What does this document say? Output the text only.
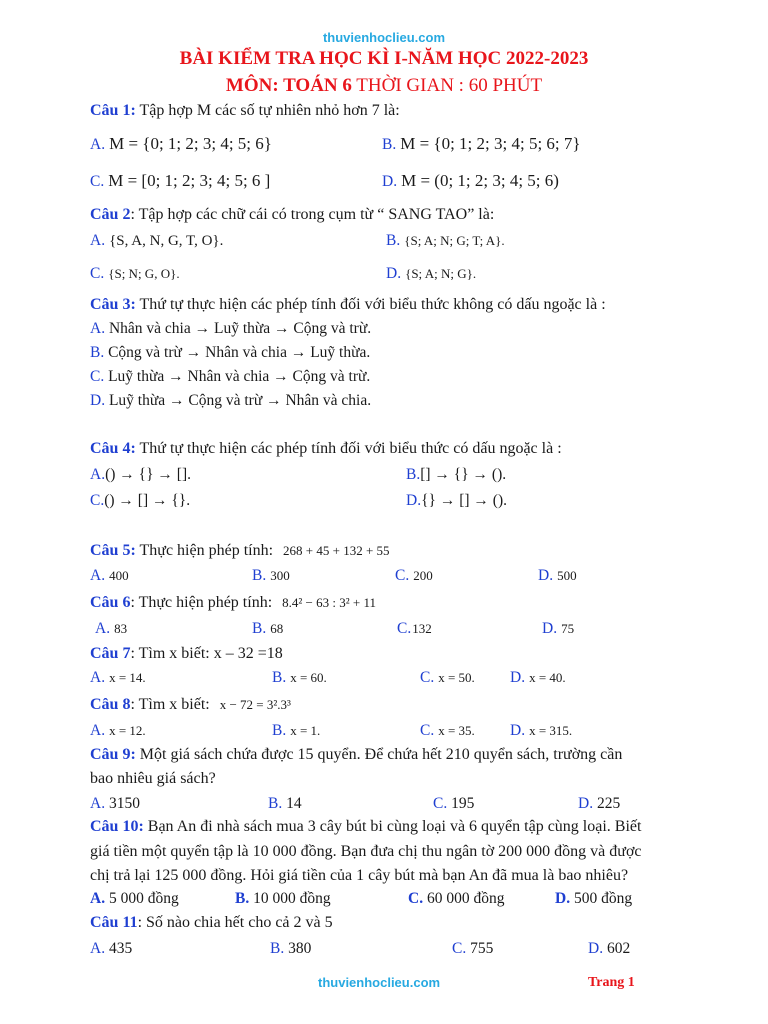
thuvienhoclieu.com
BÀI KIỂM TRA HỌC KÌ I-NĂM HỌC 2022-2023
MÔN: TOÁN 6 THỜI GIAN : 60 PHÚT
Câu 1: Tập hợp M các số tự nhiên nhỏ hơn 7 là:
A. M = {0; 1; 2; 3; 4; 5; 6}	B. M = {0; 1; 2; 3; 4; 5; 6; 7}
C. M = [0; 1; 2; 3; 4; 5; 6 ]	D. M = (0; 1; 2; 3; 4; 5; 6)
Câu 2: Tập hợp các chữ cái có trong cụm từ “ SANG TAO” là:
A. {S, A, N, G, T, O}.	B. {S; A; N; G; T; A}.
C. {S; N; G, O}.	D. {S; A; N; G}.
Câu 3: Thứ tự thực hiện các phép tính đối với biểu thức không có dấu ngoặc là :
A. Nhân và chia → Luỹ thừa → Cộng và trừ.
B. Cộng và trừ → Nhân và chia → Luỹ thừa.
C. Luỹ thừa → Nhân và chia → Cộng và trừ.
D. Luỹ thừa → Cộng và trừ → Nhân và chia.
Câu 4: Thứ tự thực hiện các phép tính đối với biểu thức có dấu ngoặc là :
A.() → {} → [].	B.[] → {} → ().
C.() → [] → {}.	D.{} → [] → ().
Câu 5: Thực hiện phép tính: 268 + 45 + 132 + 55
A. 400	B. 300	C. 200	D. 500
Câu 6: Thực hiện phép tính: 8.4² − 63 : 3² + 11
A. 83	B. 68	C.132	D. 75
Câu 7: Tìm x biết: x – 32 =18
A. x = 14.	B. x = 60.	C. x = 50. D. x = 40.
Câu 8: Tìm x biết: x − 72 = 3².3³
A. x = 12.	B. x = 1.	C. x = 35. D. x = 315.
Câu 9: Một giá sách chứa được 15 quyển. Để chứa hết 210 quyển sách, trường cần
bao nhiêu giá sách?
A. 3150	B. 14	C. 195	D. 225
Câu 10: Bạn An đi nhà sách mua 3 cây bút bi cùng loại và 6 quyển tập cùng loại. Biết
giá tiền một quyển tập là 10 000 đồng. Bạn đưa chị thu ngân tờ 200 000 đồng và được
chị trả lại 125 000 đồng. Hỏi giá tiền của 1 cây bút mà bạn An đã mua là bao nhiêu?
A. 5 000 đồng	B. 10 000 đồng	C. 60 000 đồng	D. 500 đồng
Câu 11: Số nào chia hết cho cả 2 và 5
A. 435	B. 380	C. 755	D. 602
thuvienhoclieu.com	Trang 1
